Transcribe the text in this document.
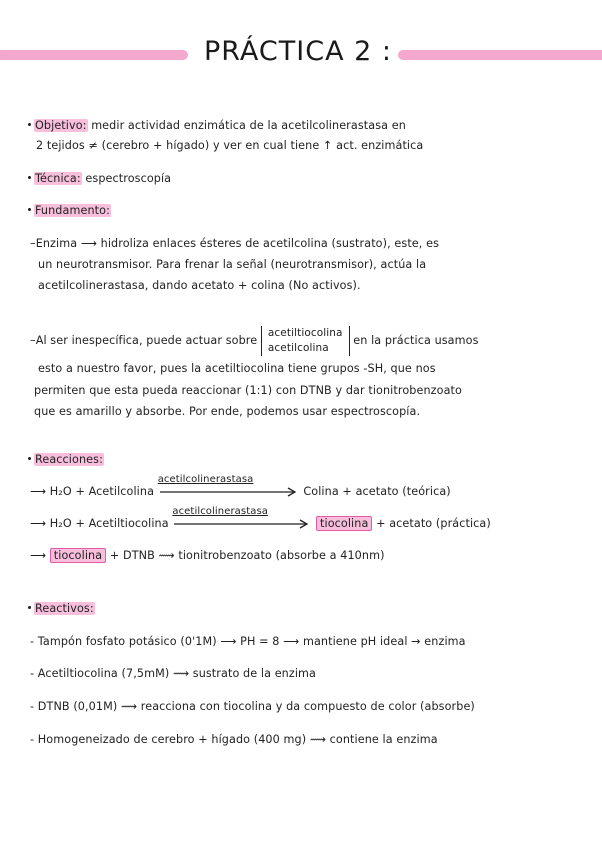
PRÁCTICA 2 :
Objetivo: medir actividad enzimática de la acetilcolinerastasa en
2 tejidos ≠ (cerebro + hígado) y ver en cual tiene ↑ act. enzimática
Técnica: espectroscopía
Fundamento:
–Enzima ⟶ hidroliza enlaces ésteres de acetilcolina (sustrato), este, es
un neurotransmisor. Para frenar la señal (neurotransmisor), actúa la
acetilcolinerastasa, dando acetato + colina (No activos).
–Al ser inespecífica, puede actuar sobre
acetiltiocolina
acetilcolina
en la práctica usamos
esto a nuestro favor, pues la acetiltiocolina tiene grupos -SH, que nos
permiten que esta pueda reaccionar (1:1) con DTNB y dar tionitrobenzoato
que es amarillo y absorbe. Por ende, podemos usar espectroscopía.
Reacciones:
⟶ H₂O + Acetilcolina
acetilcolinerastasa
Colina + acetato (teórica)
⟶ H₂O + Acetiltiocolina
acetilcolinerastasa
tiocolina + acetato (práctica)
⟶ tiocolina + DTNB ⟿ tionitrobenzoato (absorbe a 410nm)
Reactivos:
- Tampón fosfato potásico (0'1M) ⟶ PH = 8 ⟶ mantiene pH ideal → enzima
- Acetiltiocolina (7,5mM) ⟿ sustrato de la enzima
- DTNB (0,01M) ⟿ reacciona con tiocolina y da compuesto de color (absorbe)
- Homogeneizado de cerebro + hígado (400 mg) ⟿ contiene la enzima
